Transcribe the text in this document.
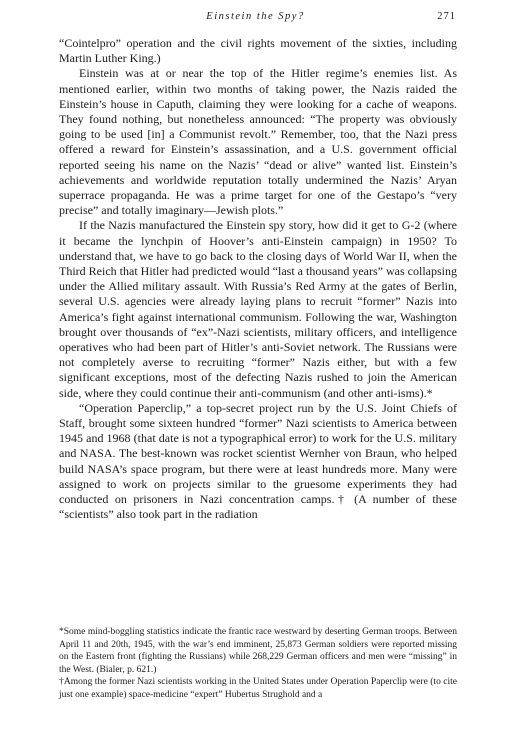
Einstein the Spy?	271

“Cointelpro” operation and the civil rights movement of the sixties, including Martin Luther King.)

Einstein was at or near the top of the Hitler regime’s enemies list. As mentioned earlier, within two months of taking power, the Nazis raided the Einstein’s house in Caputh, claiming they were looking for a cache of weapons. They found nothing, but nonetheless announced: “The property was obviously going to be used [in] a Communist revolt.” Remember, too, that the Nazi press offered a reward for Einstein’s assassination, and a U.S. government official reported seeing his name on the Nazis’ “dead or alive” wanted list. Einstein’s achievements and worldwide reputation totally undermined the Nazis’ Aryan superrace propaganda. He was a prime target for one of the Gestapo’s “very precise” and totally imaginary—Jewish plots.”

If the Nazis manufactured the Einstein spy story, how did it get to G-2 (where it became the lynchpin of Hoover’s anti-Einstein campaign) in 1950? To understand that, we have to go back to the closing days of World War II, when the Third Reich that Hitler had predicted would “last a thousand years” was collapsing under the Allied military assault. With Russia’s Red Army at the gates of Berlin, several U.S. agencies were already laying plans to recruit “former” Nazis into America’s fight against international communism. Following the war, Washington brought over thousands of “ex”-Nazi scientists, military officers, and intelligence operatives who had been part of Hitler’s anti-Soviet network. The Russians were not completely averse to recruiting “former” Nazis either, but with a few significant exceptions, most of the defecting Nazis rushed to join the American side, where they could continue their anti-communism (and other anti-isms).*

“Operation Paperclip,” a top-secret project run by the U.S. Joint Chiefs of Staff, brought some sixteen hundred “former” Nazi scientists to America between 1945 and 1968 (that date is not a typographical error) to work for the U.S. military and NASA. The best-known was rocket scientist Wernher von Braun, who helped build NASA’s space program, but there were at least hundreds more. Many were assigned to work on projects similar to the gruesome experiments they had conducted on prisoners in Nazi concentration camps.† (A number of these “scientists” also took part in the radiation

*Some mind-boggling statistics indicate the frantic race westward by deserting German troops. Between April 11 and 20th, 1945, with the war’s end imminent, 25,873 German soldiers were reported missing on the Eastern front (fighting the Russians) while 268,229 German officers and men were “missing” in the West. (Bialer, p. 621.)

†Among the former Nazi scientists working in the United States under Operation Paperclip were (to cite just one example) space-medicine “expert” Hubertus Strughold and a
